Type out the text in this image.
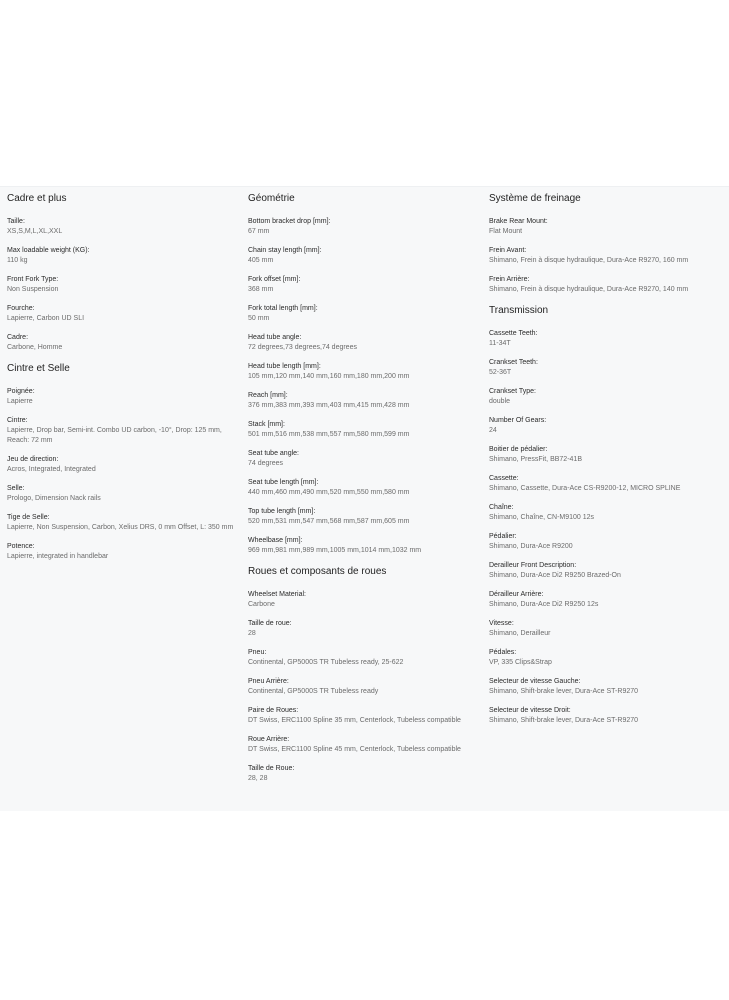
Cadre et plus
Taille:
XS,S,M,L,XL,XXL
Max loadable weight (KG):
110 kg
Front Fork Type:
Non Suspension
Fourche:
Lapierre, Carbon UD SLI
Cadre:
Carbone, Homme
Cintre et Selle
Poignée:
Lapierre
Cintre:
Lapierre, Drop bar, Semi-int. Combo UD carbon, -10°, Drop: 125 mm, Reach: 72 mm
Jeu de direction:
Acros, Integrated, Integrated
Selle:
Prologo, Dimension Nack rails
Tige de Selle:
Lapierre, Non Suspension, Carbon, Xelius DRS, 0 mm Offset, L: 350 mm
Potence:
Lapierre, integrated in handlebar
Géométrie
Bottom bracket drop [mm]:
67 mm
Chain stay length [mm]:
405 mm
Fork offset [mm]:
368 mm
Fork total length [mm]:
50 mm
Head tube angle:
72 degrees,73 degrees,74 degrees
Head tube length [mm]:
105 mm,120 mm,140 mm,160 mm,180 mm,200 mm
Reach [mm]:
376 mm,383 mm,393 mm,403 mm,415 mm,428 mm
Stack [mm]:
501 mm,516 mm,538 mm,557 mm,580 mm,599 mm
Seat tube angle:
74 degrees
Seat tube length [mm]:
440 mm,460 mm,490 mm,520 mm,550 mm,580 mm
Top tube length [mm]:
520 mm,531 mm,547 mm,568 mm,587 mm,605 mm
Wheelbase [mm]:
969 mm,981 mm,989 mm,1005 mm,1014 mm,1032 mm
Roues et composants de roues
Wheelset Material:
Carbone
Taille de roue:
28
Pneu:
Continental, GP5000S TR Tubeless ready, 25-622
Pneu Arrière:
Continental, GP5000S TR Tubeless ready
Paire de Roues:
DT Swiss, ERC1100 Spline 35 mm, Centerlock, Tubeless compatible
Roue Arrière:
DT Swiss, ERC1100 Spline 45 mm, Centerlock, Tubeless compatible
Taille de Roue:
28, 28
Système de freinage
Brake Rear Mount:
Flat Mount
Frein Avant:
Shimano, Frein à disque hydraulique, Dura-Ace R9270, 160 mm
Frein Arrière:
Shimano, Frein à disque hydraulique, Dura-Ace R9270, 140 mm
Transmission
Cassette Teeth:
11-34T
Crankset Teeth:
52-36T
Crankset Type:
double
Number Of Gears:
24
Boitier de pédalier:
Shimano, PressFit, BB72-41B
Cassette:
Shimano, Cassette, Dura-Ace CS-R9200-12, MICRO SPLINE
Chaîne:
Shimano, Chaîne, CN-M9100 12s
Pédalier:
Shimano, Dura-Ace R9200
Derailleur Front Description:
Shimano, Dura-Ace Di2 R9250 Brazed-On
Dérailleur Arrière:
Shimano, Dura-Ace Di2 R9250 12s
Vitesse:
Shimano, Derailleur
Pédales:
VP, 335 Clips&Strap
Selecteur de vitesse Gauche:
Shimano, Shift-brake lever, Dura-Ace ST-R9270
Selecteur de vitesse Droit:
Shimano, Shift-brake lever, Dura-Ace ST-R9270
